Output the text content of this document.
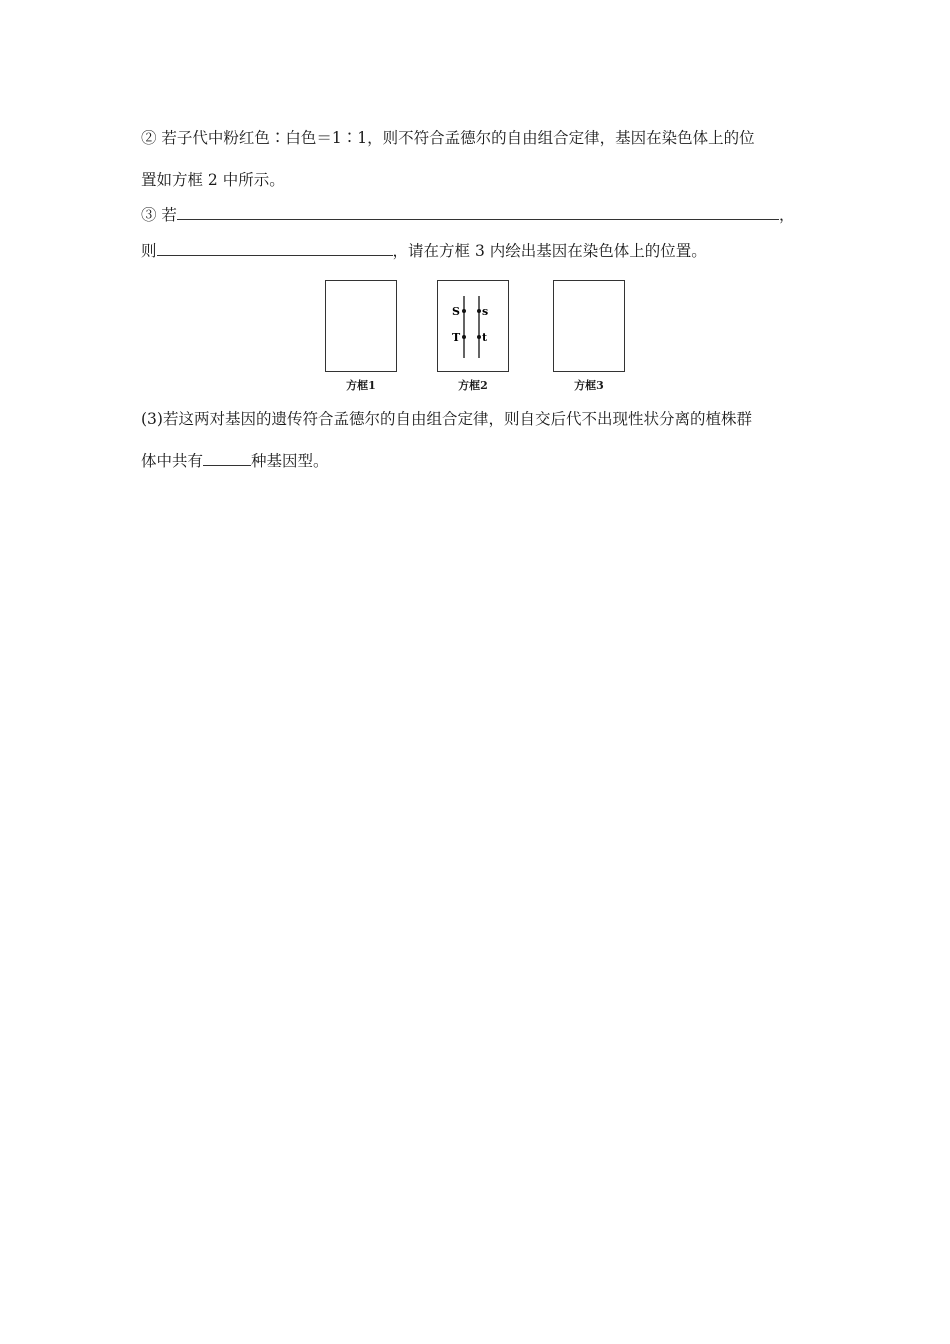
② 若子代中粉红色∶白色＝1∶1，则不符合孟德尔的自由组合定律，基因在染色体上的位
置如方框 2 中所示。
③ 若	，
则	，请在方框 3 内绘出基因在染色体上的位置。
S s
T t
方框1	方框2	方框3
(3)若这两对基因的遗传符合孟德尔的自由组合定律，则自交后代不出现性状分离的植株群
体中共有	种基因型。
